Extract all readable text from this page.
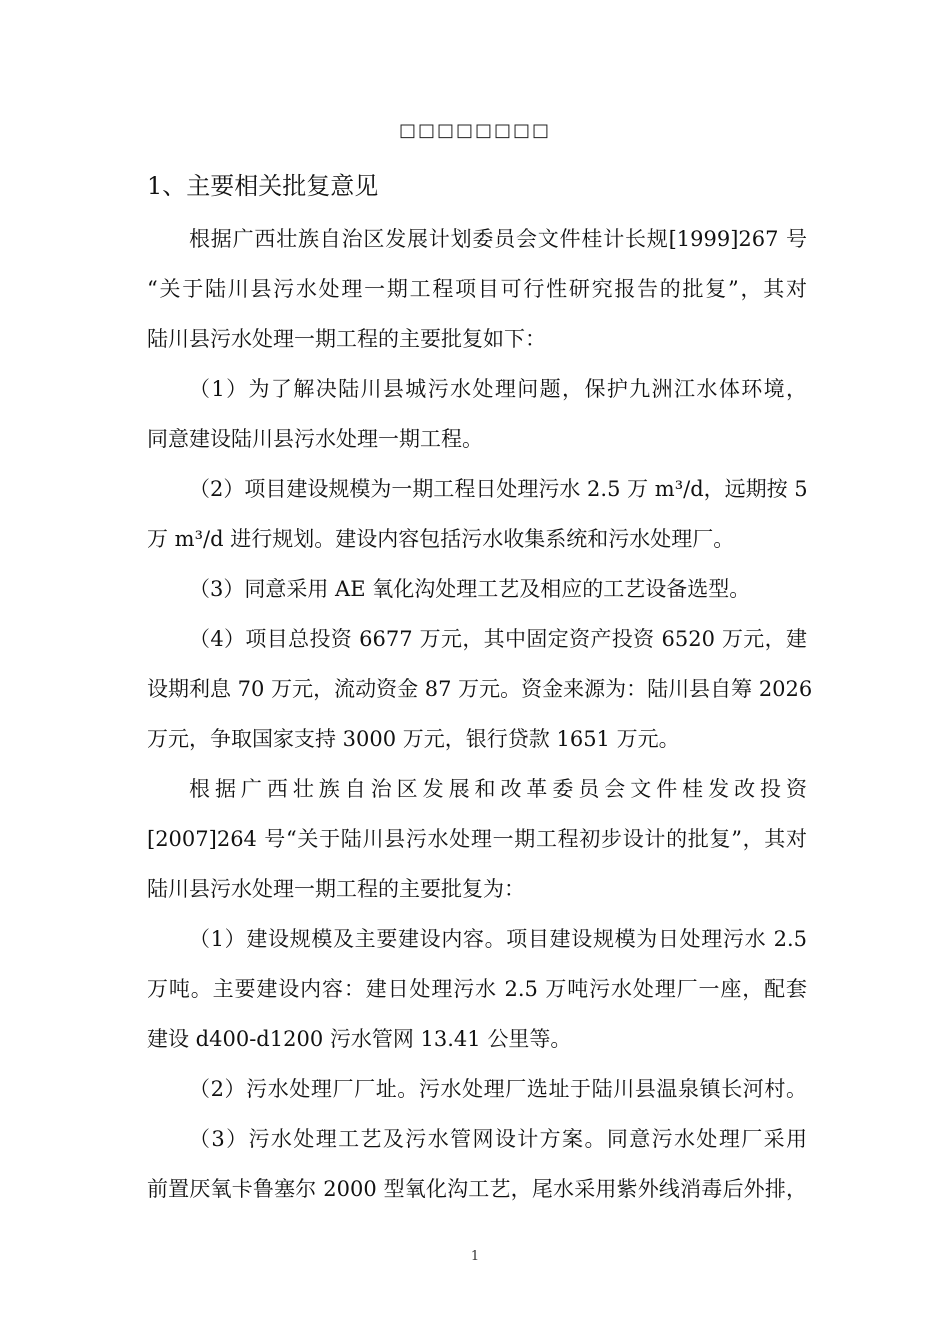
□□□□□□□□
1、主要相关批复意见
根据广西壮族自治区发展计划委员会文件桂计长规[1999]267 号
“关于陆川县污水处理一期工程项目可行性研究报告的批复”，其对
陆川县污水处理一期工程的主要批复如下：
（1）为了解决陆川县城污水处理问题，保护九洲江水体环境，
同意建设陆川县污水处理一期工程。
（2）项目建设规模为一期工程日处理污水 2.5 万 m³/d，远期按 5
万 m³/d 进行规划。建设内容包括污水收集系统和污水处理厂。
（3）同意采用 AE 氧化沟处理工艺及相应的工艺设备选型。
（4）项目总投资 6677 万元，其中固定资产投资 6520 万元，建
设期利息 70 万元，流动资金 87 万元。资金来源为：陆川县自筹 2026
万元，争取国家支持 3000 万元，银行贷款 1651 万元。
根据广西壮族自治区发展和改革委员会文件桂发改投资
[2007]264 号“关于陆川县污水处理一期工程初步设计的批复”，其对
陆川县污水处理一期工程的主要批复为：
（1）建设规模及主要建设内容。项目建设规模为日处理污水 2.5
万吨。主要建设内容：建日处理污水 2.5 万吨污水处理厂一座，配套
建设 d400-d1200 污水管网 13.41 公里等。
（2）污水处理厂厂址。污水处理厂选址于陆川县温泉镇长河村。
（3）污水处理工艺及污水管网设计方案。同意污水处理厂采用
前置厌氧卡鲁塞尔 2000 型氧化沟工艺，尾水采用紫外线消毒后外排，
1
